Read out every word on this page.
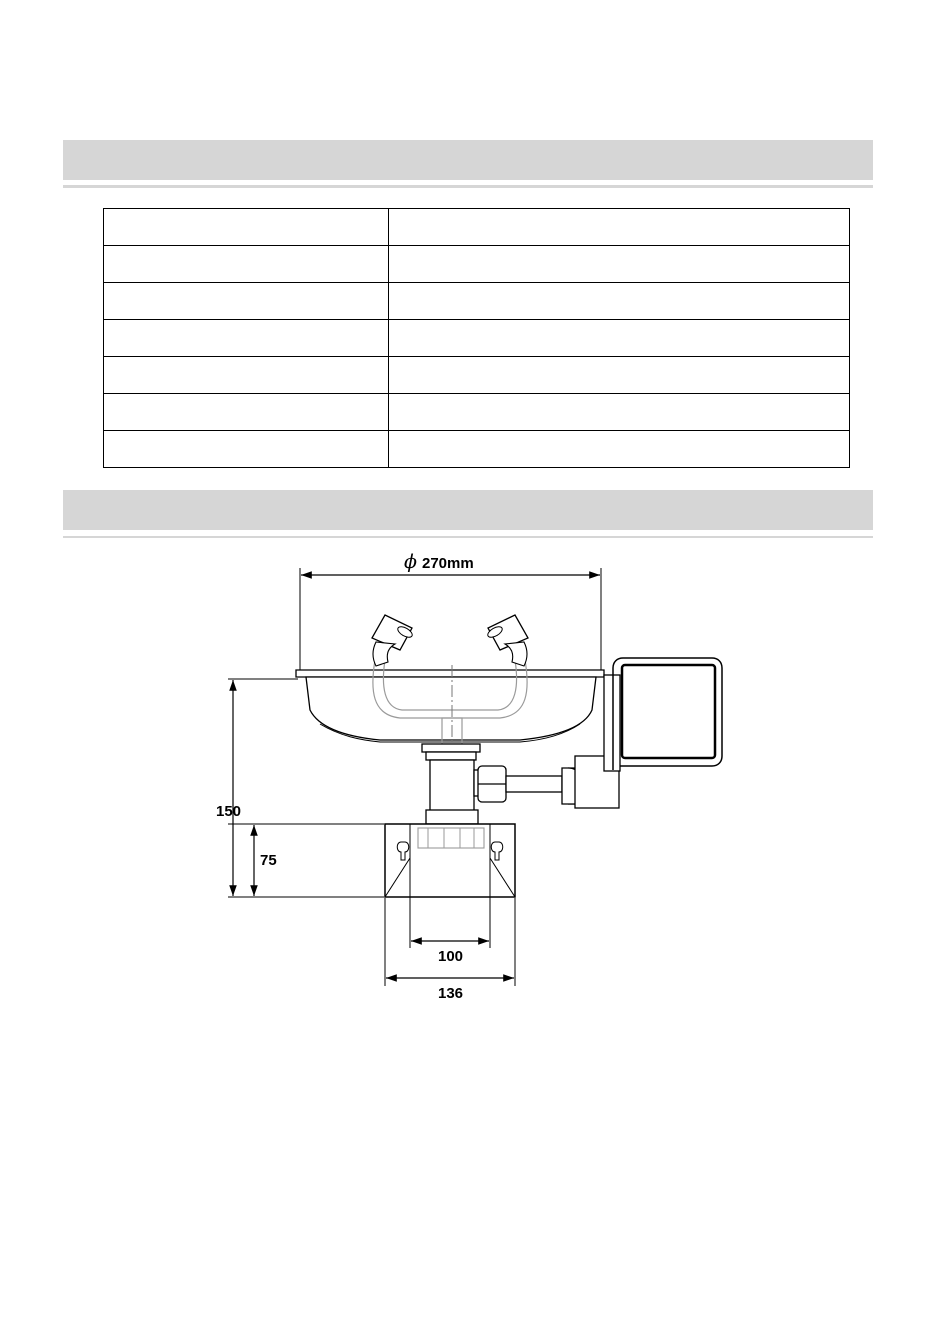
ϕ 270mm
150
75
100
136
